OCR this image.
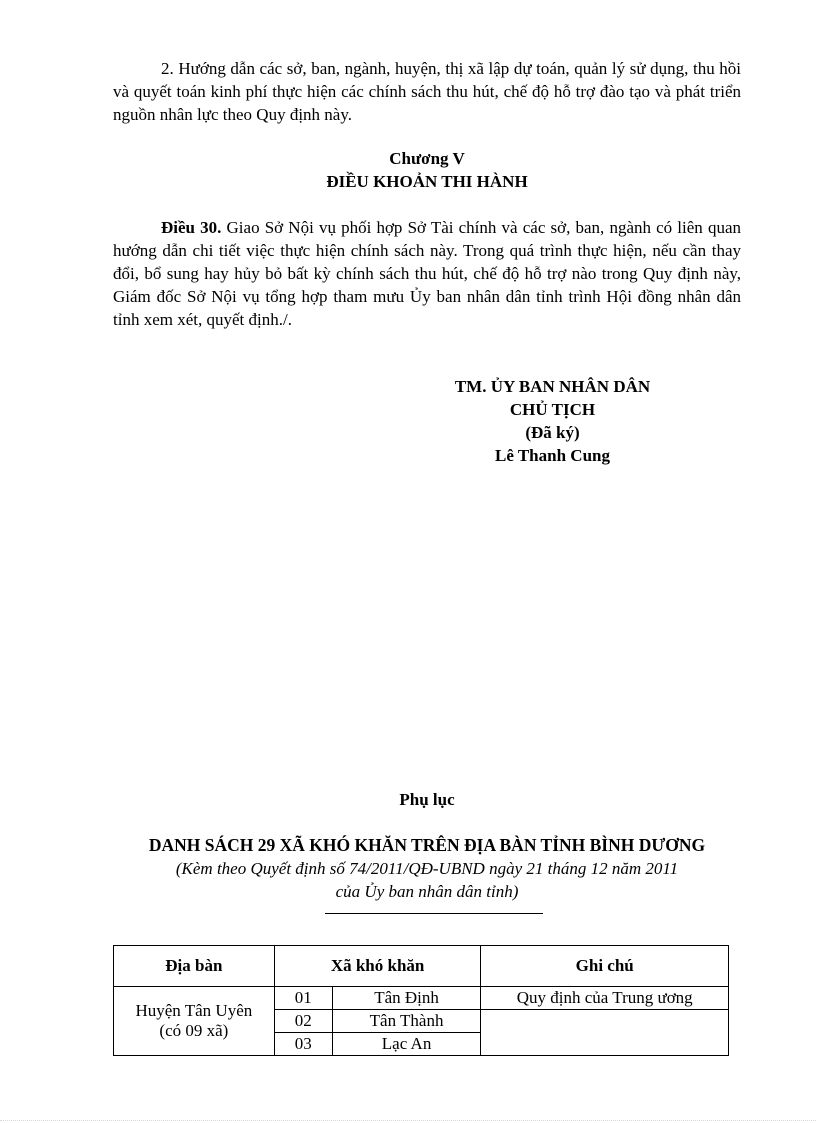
2. Hướng dẫn các sở, ban, ngành, huyện, thị xã lập dự toán, quản lý sử dụng, thu hồi và quyết toán kinh phí thực hiện các chính sách thu hút, chế độ hỗ trợ đào tạo và phát triển nguồn nhân lực theo Quy định này.

Chương V

ĐIỀU KHOẢN THI HÀNH

Điều 30. Giao Sở Nội vụ phối hợp Sở Tài chính và các sở, ban, ngành có liên quan hướng dẫn chi tiết việc thực hiện chính sách này. Trong quá trình thực hiện, nếu cần thay đổi, bổ sung hay hủy bỏ bất kỳ chính sách thu hút, chế độ hỗ trợ nào trong Quy định này, Giám đốc Sở Nội vụ tổng hợp tham mưu Ủy ban nhân dân tỉnh trình Hội đồng nhân dân tỉnh xem xét, quyết định./.

TM. ỦY BAN NHÂN DÂN
CHỦ TỊCH
(Đã ký)
Lê Thanh Cung

Phụ lục

DANH SÁCH 29 XÃ KHÓ KHĂN TRÊN ĐỊA BÀN TỈNH BÌNH DƯƠNG

(Kèm theo Quyết định số 74/2011/QĐ-UBND ngày 21 tháng 12 năm 2011

của Ủy ban nhân dân tỉnh)

Địa bàn	Xã khó khăn		Ghi chú

Huyện Tân Uyên
(có 09 xã)	01	Tân Định	Quy định của Trung ương
	02	Tân Thành	
	03	Lạc An	
